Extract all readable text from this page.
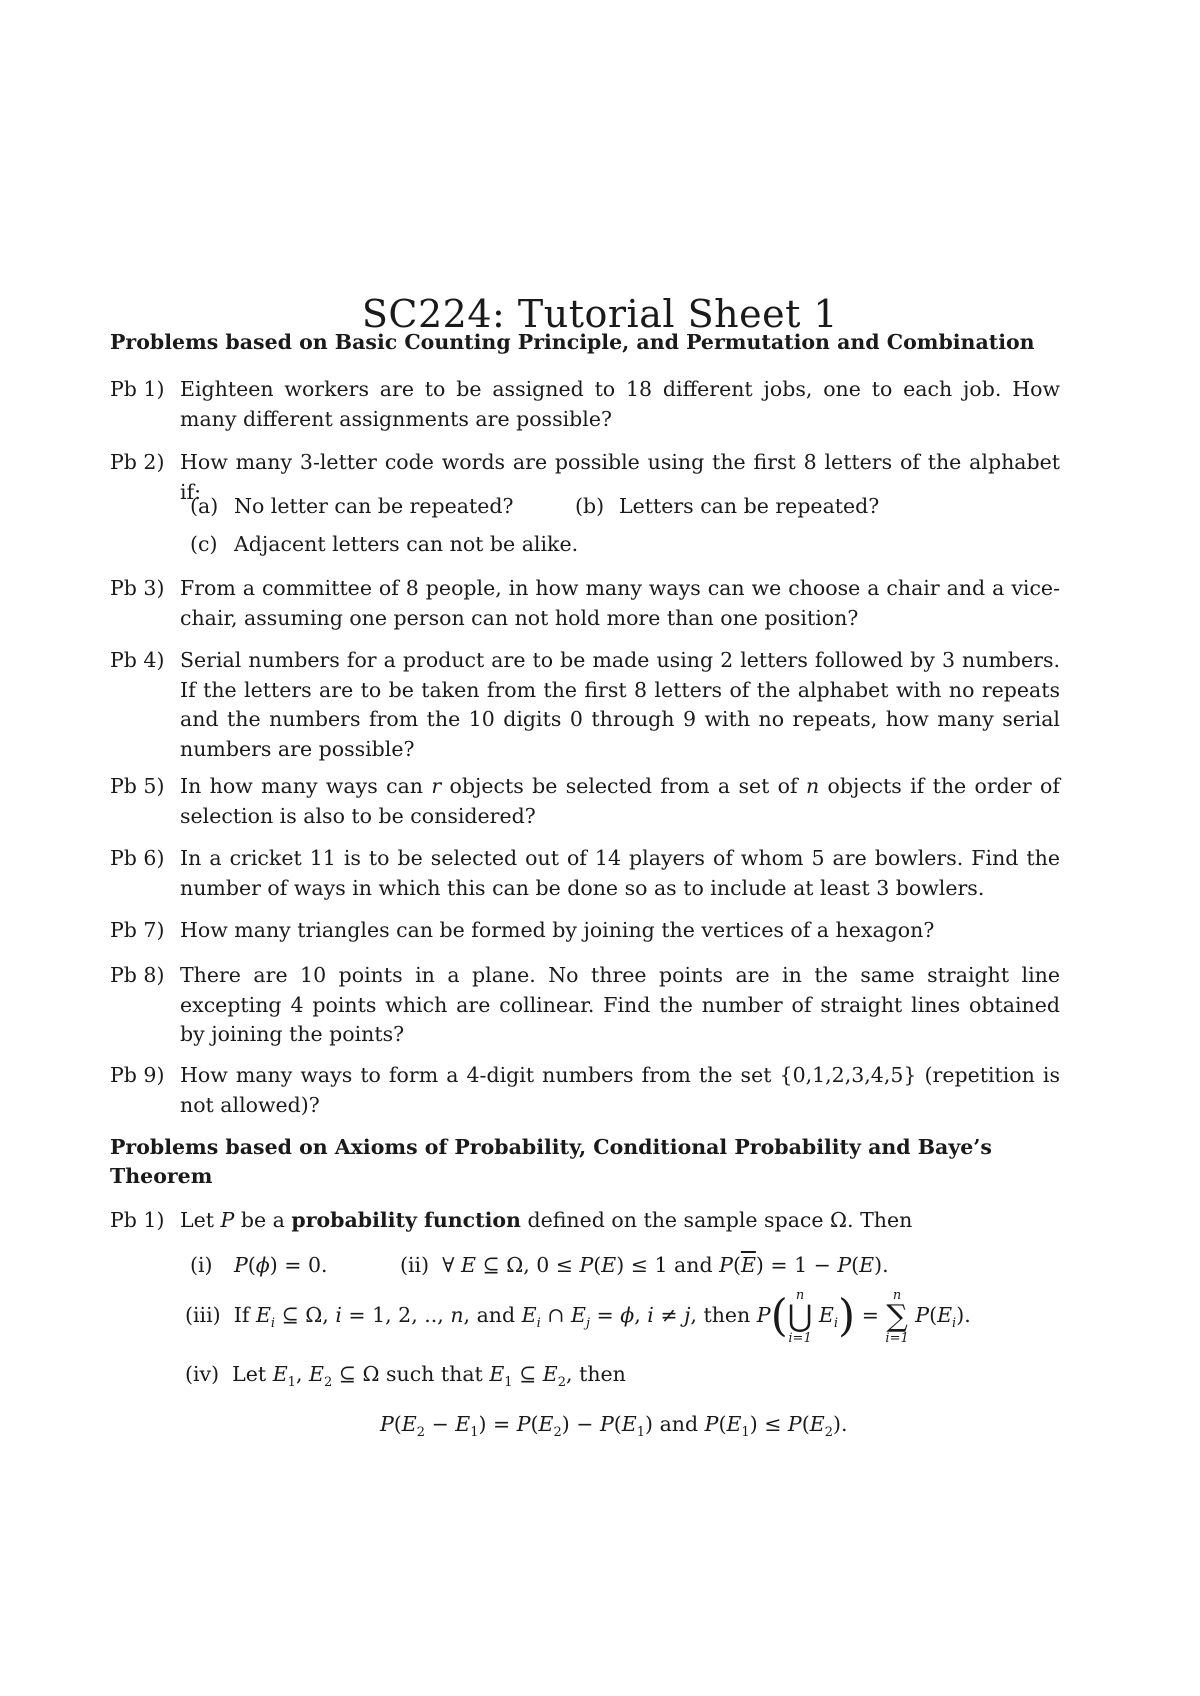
SC224: Tutorial Sheet 1
Problems based on Basic Counting Principle, and Permutation and Combination
Pb 1) Eighteen workers are to be assigned to 18 different jobs, one to each job. How many different assignments are possible?
Pb 2) How many 3-letter code words are possible using the first 8 letters of the alphabet if:
(a) No letter can be repeated?	(b) Letters can be repeated?
(c) Adjacent letters can not be alike.
Pb 3) From a committee of 8 people, in how many ways can we choose a chair and a vice-chair, assuming one person can not hold more than one position?
Pb 4) Serial numbers for a product are to be made using 2 letters followed by 3 numbers. If the letters are to be taken from the first 8 letters of the alphabet with no repeats and the numbers from the 10 digits 0 through 9 with no repeats, how many serial numbers are possible?
Pb 5) In how many ways can r objects be selected from a set of n objects if the order of selection is also to be considered?
Pb 6) In a cricket 11 is to be selected out of 14 players of whom 5 are bowlers. Find the number of ways in which this can be done so as to include at least 3 bowlers.
Pb 7) How many triangles can be formed by joining the vertices of a hexagon?
Pb 8) There are 10 points in a plane. No three points are in the same straight line excepting 4 points which are collinear. Find the number of straight lines obtained by joining the points?
Pb 9) How many ways to form a 4-digit numbers from the set {0,1,2,3,4,5} (repetition is not allowed)?
Problems based on Axioms of Probability, Conditional Probability and Baye’s Theorem
Pb 1) Let P be a probability function defined on the sample space Ω. Then
(i) P(ϕ) = 0.	(ii)  ∀ E ⊆ Ω, 0 ≤ P(E) ≤ 1 and $P(\overline{E}) = 1 - P(E)$.
(iii) If $E_i$ ⊆ Ω, i = 1, 2, .., n, and $E_i$ ∩ $E_j = \phi$, i ≠ j, then P( n
⋃
i=1
$E_i$) =
n
∑
i=1
$P(E_i)$.
(iv)  Let $E_1$, $E_2$ ⊆ Ω such that $E_1$ ⊆ $E_2$, then
$P(E_2 - E_1) = P(E_2) - P(E_1)$ and $P(E_1) \le P(E_2)$.
